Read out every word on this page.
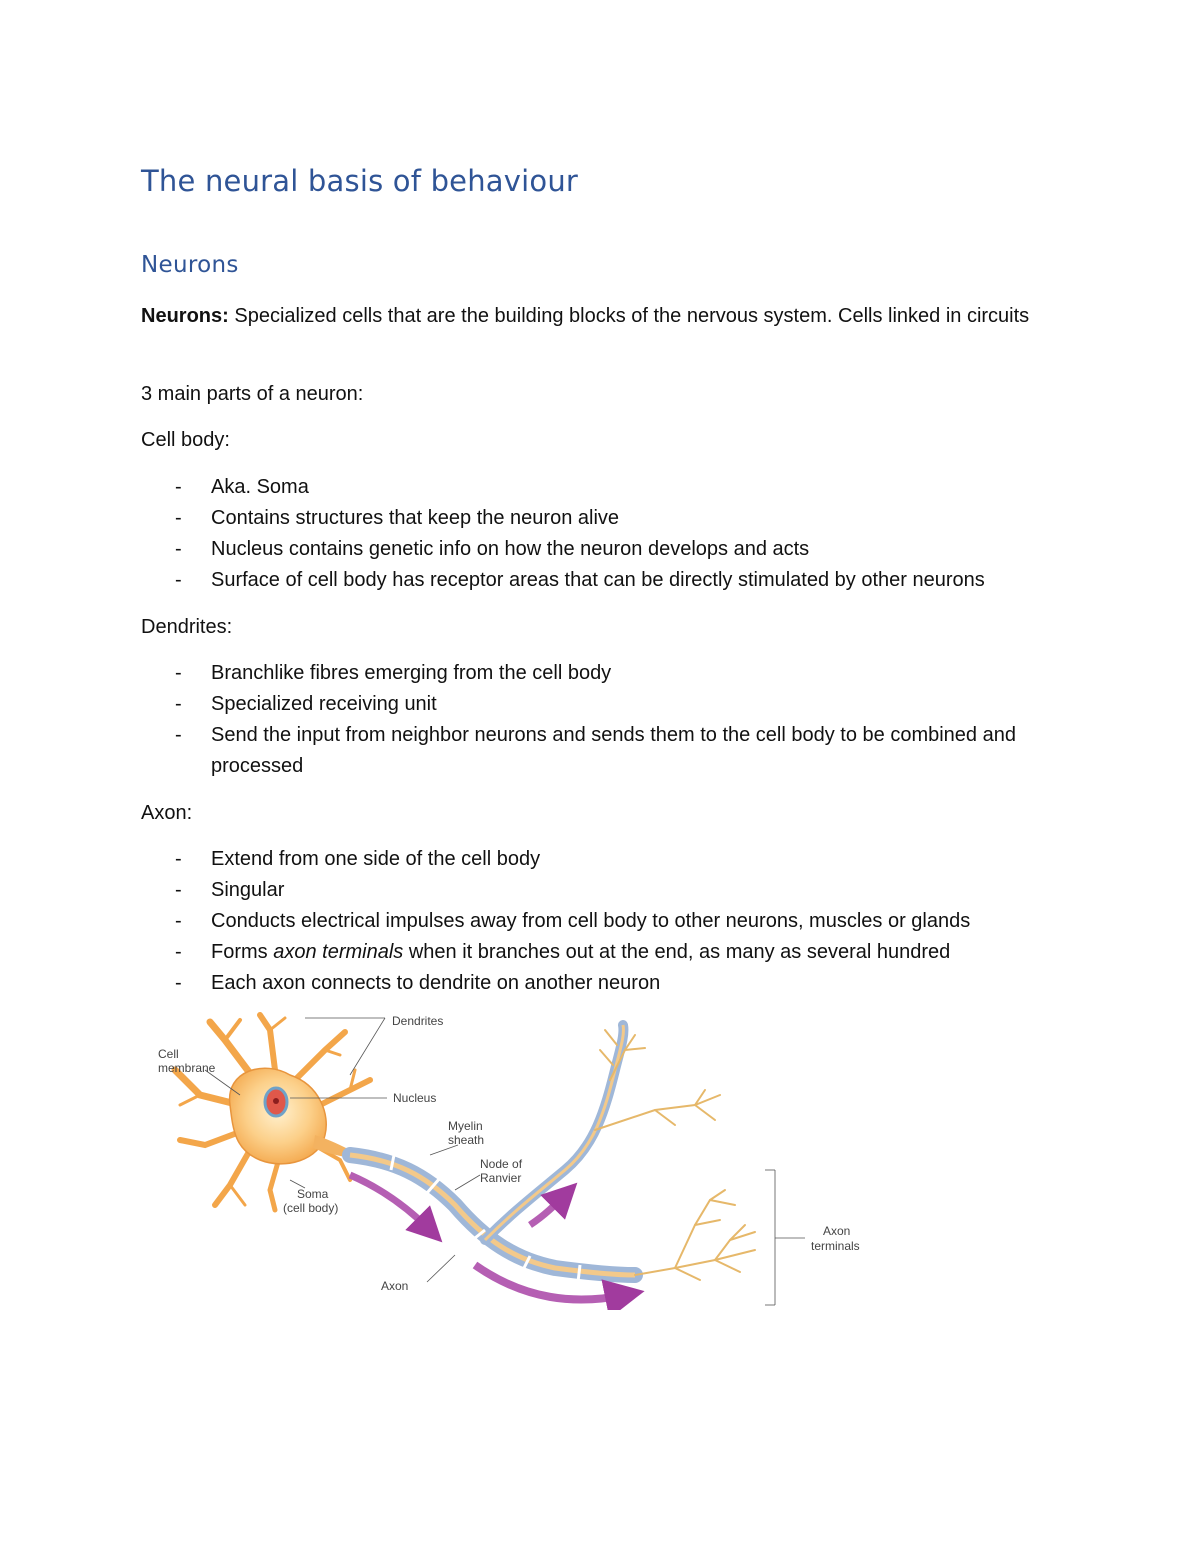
The neural basis of behaviour
Neurons

Neurons: Specialized cells that are the building blocks of the nervous system. Cells linked in circuits

3 main parts of a neuron:

Cell body:

- Aka. Soma
- Contains structures that keep the neuron alive
- Nucleus contains genetic info on how the neuron develops and acts
- Surface of cell body has receptor areas that can be directly stimulated by other neurons

Dendrites:

- Branchlike fibres emerging from the cell body
- Specialized receiving unit
- Send the input from neighbor neurons and sends them to the cell body to be combined and processed

Axon:

- Extend from one side of the cell body
- Singular
- Conducts electrical impulses away from cell body to other neurons, muscles or glands
- Forms axon terminals when it branches out at the end, as many as several hundred
- Each axon connects to dendrite on another neuron
Dendrites
Cell
membrane
Nucleus
Myelin
sheath
Node of
Ranvier
Soma
(cell body)
Axon
Axon
terminals
